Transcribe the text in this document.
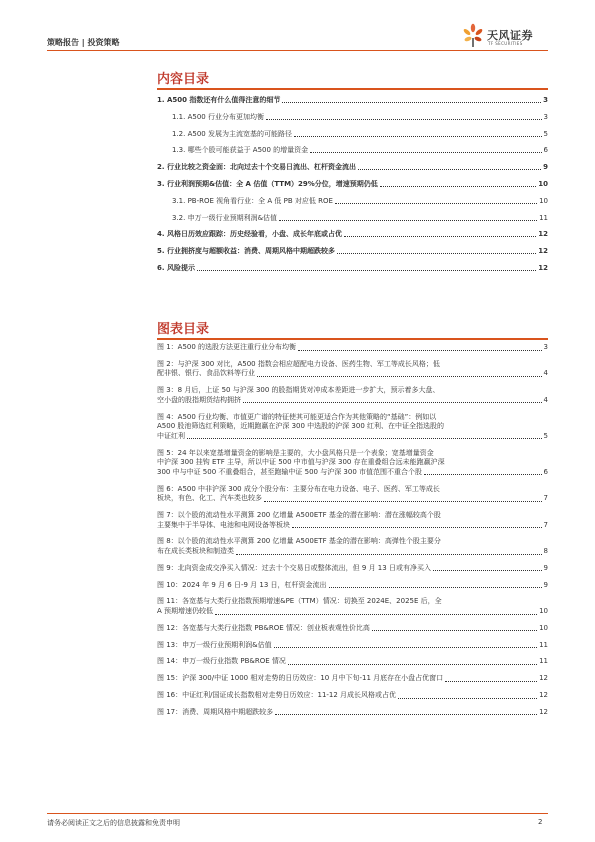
策略报告 | 投资策略
天风证券
TF SECURITIES
内容目录
1. A500 指数还有什么值得注意的细节	3
1.1. A500 行业分布更加均衡	3
1.2. A500 发展为主流宽基的可能路径	5
1.3. 哪些个股可能获益于 A500 的增量资金	6
2. 行业比较之资金面：北向过去十个交易日流出、杠杆资金流出	9
3. 行业利润预期&估值：全 A 估值（TTM）29%分位，增速预期仍低	10
3.1. PB-ROE 视角看行业：全 A 低 PB 对应低 ROE	10
3.2. 申万一级行业预期利润&估值	11
4. 风格日历效应跟踪：历史经验看，小盘、成长年底或占优	12
5. 行业拥挤度与超额收益：消费、周期风格中期超跌较多	12
6. 风险提示	12
图表目录
图 1：A500 的选股方法更注重行业分布均衡	3
图 2：与沪深 300 对比，A500 指数会相应超配电力设备、医药生物、军工等成长风格；低
配非银、银行、食品饮料等行业	4
图 3：8 月后，上证 50 与沪深 300 的股指期货对冲成本差距进一步扩大，预示着多大盘、
空小盘的股指期货结构拥挤	4
图 4：A500 行业均衡、市值更广谱的特征使其可能更适合作为其他策略的“基础”：例如以
A500 股池筛选红利策略，近期跑赢在沪深 300 中选股的沪深 300 红利、在中证全指选股的
中证红利	5
图 5：24 年以来宽基增量资金的影响是主要的，大小盘风格只是一个表象；宽基增量资金
中沪深 300 挂钩 ETF 主导，所以中证 500 中市值与沪深 300 存在重叠组合远未能跑赢沪深
300 中与中证 500 不重叠组合，甚至跑输中证 500 与沪深 300 市值范围不重合个股	6
图 6：A500 中非沪深 300 成分个股分布：主要分布在电力设备、电子、医药、军工等成长
板块，有色、化工、汽车类也较多	7
图 7：以个股的流动性水平测算 200 亿增量 A500ETF 基金的潜在影响：潜在涨幅较高个股
主要集中于半导体、电池和电网设备等板块	7
图 8：以个股的流动性水平测算 200 亿增量 A500ETF 基金的潜在影响：高弹性个股主要分
布在成长类板块和制造类	8
图 9：北向资金成交净买入情况：过去十个交易日或整体流出，但 9 月 13 日或有净买入	9
图 10：2024 年 9 月 6 日-9 月 13 日，杠杆资金流出	9
图 11：各宽基与大类行业指数预期增速&PE（TTM）情况：切换至 2024E、2025E 后，全
A 预期增速仍较低	10
图 12：各宽基与大类行业指数 PB&ROE 情况：创业板表观性价比高	10
图 13：申万一级行业预期利润&估值	11
图 14：申万一级行业指数 PB&ROE 情况	11
图 15：沪深 300/中证 1000 相对走势的日历效应：10 月中下旬-11 月底存在小盘占优窗口	12
图 16：中证红利/国证成长指数相对走势日历效应：11-12 月成长风格或占优	12
图 17：消费、周期风格中期超跌较多	12
请务必阅读正文之后的信息披露和免责申明	2
